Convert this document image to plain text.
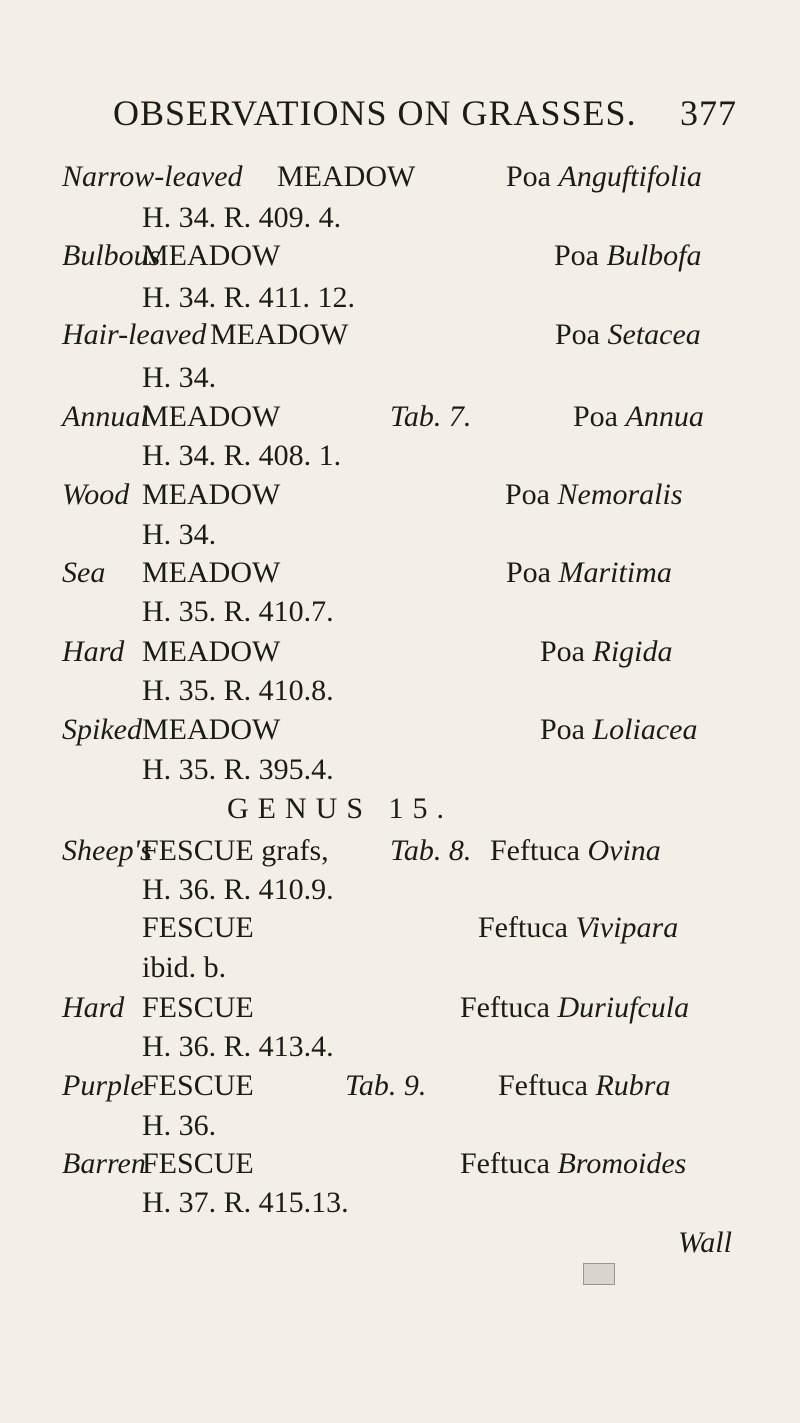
OBSERVATIONS ON GRASSES. 377
Narrow-leaved MEADOW	Poa Anguftifolia
H. 34. R. 409. 4.
Bulbous
MEADOW	Poa Bulbofa
H. 34. R. 411. 12.
Hair-leaved MEADOW	Poa Setacea
H. 34.
Annual
MEADOW	Tab. 7.	Poa Annua
H. 34. R. 408. 1.
Wood MEADOW	Poa Nemoralis
H. 34.
Sea MEADOW	Poa Maritima
H. 35. R. 410.7.
Hard MEADOW	Poa Rigida
H. 35. R. 410.8.
Spiked MEADOW	Poa Loliacea
H. 35. R. 395.4.
GENUS 15.
Sheep's
FESCUE grafs, Tab. 8. Feftuca Ovina
H. 36. R. 410.9.
FESCUE	Feftuca Vivipara
ibid. b.
Hard FESCUE	Feftuca Duriufcula
H. 36. R. 413.4.
Purple
FESCUE	Tab. 9. Feftuca Rubra
H. 36.
Barren
FESCUE	Feftuca Bromoides
H. 37. R. 415.13.
Wall
